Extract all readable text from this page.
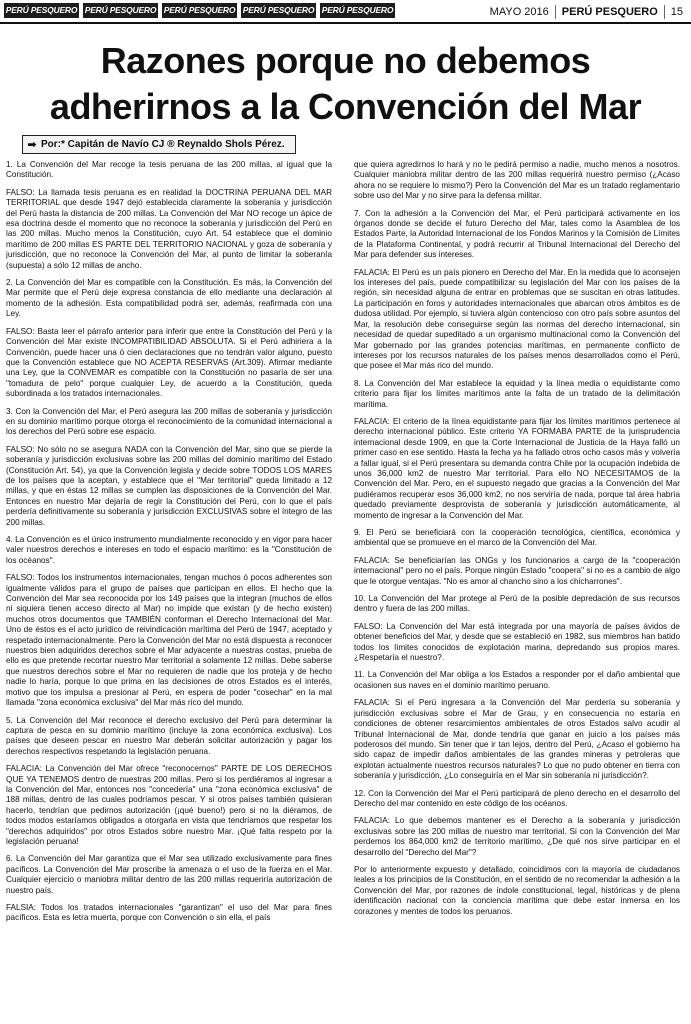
PERÚ PESQUERO PERÚ PESQUERO PERÚ PESQUERO PERÚ PESQUERO PERÚ PESQUERO	MAYO 2016 PERÚ PESQUERO 15
Razones porque no debemos
adherirnos a la Convención del Mar
➡ Por:* Capitán de Navío CJ ® Reynaldo Shols Pérez.

1. La Convención del Mar recoge la tesis peruana de las 200 millas, al igual que la Constitución.

FALSO: La llamada tesis peruana es en realidad la DOCTRINA PERUANA DEL MAR TERRITORIAL que desde 1947 dejó establecida claramente la soberanía y jurisdicción del Perú hasta la distancia de 200 millas. La Convención del Mar NO recoge un ápice de esa doctrina desde el momento que no reconoce la soberanía y jurisdicción del Perú en las 200 millas. Mucho menos la Constitución, cuyo Art. 54 establece que el dominio marítimo de 200 millas ES PARTE DEL TERRITORIO NACIONAL y goza de soberanía y jurisdicción, que no reconoce la Convención del Mar, al punto de limitar la soberanía (supuesta) a sólo 12 millas de ancho.

2. La Convención del Mar es compatible con la Constitución. Es más, la Convención del Mar permite que el Perú deje expresa constancia de ello mediante una declaración al momento de la adhesión. Esta compatibilidad podrá ser, además, reafirmada con una Ley.

FALSO: Basta leer el párrafo anterior para inferir que entre la Constitución del Perú y la Convención del Mar existe INCOMPATIBILIDAD ABSOLUTA. Si el Perú adhiriera a la Convención, puede hacer una ó cien declaraciones que no tendrán valor alguno, puesto que la Convención establece que NO ACEPTA RESERVAS (Art.309). Afirmar mediante una Ley, que la CONVEMAR es compatible con la Constitución no pasaría de ser una "tomadura de pelo" porque cualquier Ley, de acuerdo a la Constitución, queda subordinada a los tratados internacionales.

3. Con la Convención del Mar, el Perú asegura las 200 millas de soberanía y jurisdicción en su dominio marítimo porque otorga el reconocimiento de la comunidad internacional a los derechos del Perú sobre ese espacio.

FALSO: No sólo no se asegura NADA con la Convención del Mar, sino que se pierde la soberanía y jurisdicción exclusivas sobre las 200 millas del dominio marítimo del Estado (Constitución Art. 54), ya que la Convención legisla y decide sobre TODOS LOS MARES de los países que la aceptan, y establece que el "Mar territorial" queda limitado a 12 millas, y que en éstas 12 millas se cumplen las disposiciones de la Convención del Mar. Entonces en nuestro Mar dejaría de regir la Constitución del Perú, con lo que el país perdería definitivamente su soberanía y jurisdicción EXCLUSIVAS sobre el íntegro de las 200 millas.

4. La Convención es el único instrumento mundialmente reconocido y en vigor para hacer valer nuestros derechos e intereses en todo el espacio marítimo: es la "Constitución de los océanos".

FALSO: Todos los instrumentos internacionales, tengan muchos ó pocos adherentes son igualmente válidos para el grupo de países que participan en ellos. El hecho que la Convención del Mar sea reconocida por los 149 países que la integran (muchos de ellos ni siquiera tienen acceso directo al Mar) no impide que existan (y de hecho existen) muchos otros documentos que TAMBIÉN conforman el Derecho Internacional del Mar. Uno de éstos es el acto jurídico de reivindicación marítima del Perú de 1947, aceptado y respetado internacionalmente. Pero la Convención del Mar no está dispuesta a reconocer nuestros bien adquiridos derechos sobre el Mar adyacente a nuestras costas, prueba de ello es que pretende recortar nuestro Mar territorial a solamente 12 millas. Debe saberse que nuestros derechos sobre el Mar no requieren de nadie que los proteja y de hecho nadie lo haría, porque lo que prima en las decisiones de otros Estados es el interés, motivo que los impulsa a presionar al Perú, en espera de poder "cosechar" en la mal llamada "zona económica exclusiva" del Mar más rico del mundo.

5. La Convención del Mar reconoce el derecho exclusivo del Perú para determinar la captura de pesca en su dominio marítimo (incluye la zona económica exclusiva). Los países que deseen pescar en nuestro Mar deberán solicitar autorización y pagar los derechos respectivos respetando la legislación peruana.

FALACIA: La Convención del Mar ofrece "reconocernos" PARTE DE LOS DERECHOS QUE YA TENEMOS dentro de nuestras 200 millas. Pero si los perdiéramos al ingresar a la Convención del Mar, entonces nos "concedería" una "zona económica exclusiva" de 188 millas, dentro de las cuales podríamos pescar. Y si otros países también quisieran hacerlo, tendrían que pedirnos autorización (¡qué bueno!) pero si no la diéramos, de todos modos estaríamos obligados a otorgarla en vista que tendríamos que respetar los "derechos adquiridos" por otros Estados sobre nuestro Mar. ¡Qué falta respeto por la legislación peruana!

6. La Convención del Mar garantiza que el Mar sea utilizado exclusivamente para fines pacíficos. La Convención del Mar proscribe la amenaza o el uso de la fuerza en el Mar. Cualquier ejercicio o maniobra militar dentro de las 200 millas requeriría autorización de nuestro país.

FALSIA: Todos los tratados internacionales "garantizan" el uso del Mar para fines pacíficos. Esta es letra muerta, porque con Convención o sin ella, el país

que quiera agredirnos lo hará y no le pedirá permiso a nadie, mucho menos a nosotros. Cualquier maniobra militar dentro de las 200 millas requerirá nuestro permiso (¿Acaso ahora no se requiere lo mismo?) Pero la Convención del Mar es un tratado reglamentario sobre uso del Mar y no sirve para la defensa militar.

7. Con la adhesión a la Convención del Mar, el Perú participará activamente en los órganos donde se decide el futuro Derecho del Mar, tales como la Asamblea de los Estados Parte, la Autoridad Internacional de los Fondos Marinos y la Comisión de Límites de la Plataforma Continental, y podrá recurrir al Tribunal Internacional del Derecho del Mar para defender sus intereses.

FALACIA: El Perú es un país pionero en Derecho del Mar. En la medida que lo aconsejen los intereses del país, puede compatibilizar su legislación del Mar con los países de la región, sin necesidad alguna de entrar en problemas que se suscitan en otras latitudes. La participación en foros y autoridades internacionales que abarcan otros ámbitos es de dudosa utilidad. Por ejemplo, si tuviera algún contencioso con otro país sobre asuntos del Mar, la resolución debe conseguirse según las normas del derecho internacional, sin necesidad de quedar supeditado a un organismo multinacional como la Convención del Mar gobernado por las grandes potencias marítimas, en permanente conflicto de intereses por los recursos naturales de los países menos desarrollados como el Perú, que posee el Mar más rico del mundo.

8. La Convención del Mar establece la equidad y la línea media o equidistante como criterio para fijar los límites marítimos ante la falta de un tratado de la delimitación marítima.

FALACIA: El criterio de la línea equidistante para fijar los límites marítimos pertenece al derecho internacional público. Este criterio YA FORMABA PARTE de la jurisprudencia internacional desde 1909, en que la Corte Internacional de Justicia de la Haya falló un primer caso en ese sentido. Hasta la fecha ya ha fallado otros ocho casos más y volvería a fallar igual, si el Perú presentara su demanda contra Chile por la ocupación indebida de unos 36,000 km2 de nuestro Mar territorial. Para ello NO NECESITAMOS de la Convención del Mar. Pero, en el supuesto negado que gracias a la Convención del Mar pudiéramos recuperar esos 36,000 km2, no nos serviría de nada, porque tal área habría quedado previamente desprovista de soberanía y jurisdicción automáticamente, al momento de ingresar a la Convención del Mar.

9. El Perú se beneficiará con la cooperación tecnológica, científica, económica y ambiental que se promueve en el marco de la Convención del Mar.

FALACIA: Se beneficiarían las ONGs y los funcionarios a cargo de la "cooperación internacional" pero no el país. Porque ningún Estado "coopera" si no es a cambio de algo que le otorgue ventajas. "No es amor al chancho sino a los chicharrones".

10. La Convención del Mar protege al Perú de la posible depredación de sus recursos dentro y fuera de las 200 millas.

FALSO: La Convención del Mar está integrada por una mayoría de países ávidos de obtener beneficios del Mar, y desde que se estableció en 1982, sus miembros han batido todos los límites conocidos de explotación marina, depredando sus propios mares. ¿Respetaría el nuestro?.

11. La Convención del Mar obliga a los Estados a responder por el daño ambiental que ocasionen sus naves en el dominio marítimo peruano.

FALACIA: Si el Perú ingresara a la Convención del Mar perdería su soberanía y jurisdicción exclusivas sobre el Mar de Grau, y en consecuencia no estaría en condiciones de obtener resarcimientos ambientales de otros Estados salvo acudir al Tribunal Internacional de Mar, donde tendría que ganar en juicio a los países más poderosos del mundo. Sin tener que ir tan lejos, dentro del Perú, ¿Acaso el gobierno ha sido capaz de impedir daños ambientales de las grandes mineras y petroleras que explotan actualmente nuestros recursos naturales? Lo que no pudo obtener en tierra con soberanía y jurisdicción, ¿Lo conseguiría en el Mar sin soberanía ni jurisdicción?.

12. Con la Convención del Mar el Perú participará de pleno derecho en el desarrollo del Derecho del mar contenido en este código de los océanos.

FALACIA: Lo que debemos mantener es el Derecho a la soberanía y jurisdicción exclusivas sobre las 200 millas de nuestro mar territorial. Si con la Convención del Mar perdemos los 864,000 km2 de territorio marítimo, ¿De qué nos sirve participar en el desarrollo del "Derecho del Mar"?

Por lo anteriormente expuesto y detallado, coincidimos con la mayoría de ciudadanos leales a los principios de la Constitución, en el sentido de no recomendar la adhesión a la Convención del Mar, por razones de índole constitucional, legal, históricas y de plena identificación nacional con la conciencia marítima que debe estar inmersa en los corazones y mentes de todos los peruanos.
